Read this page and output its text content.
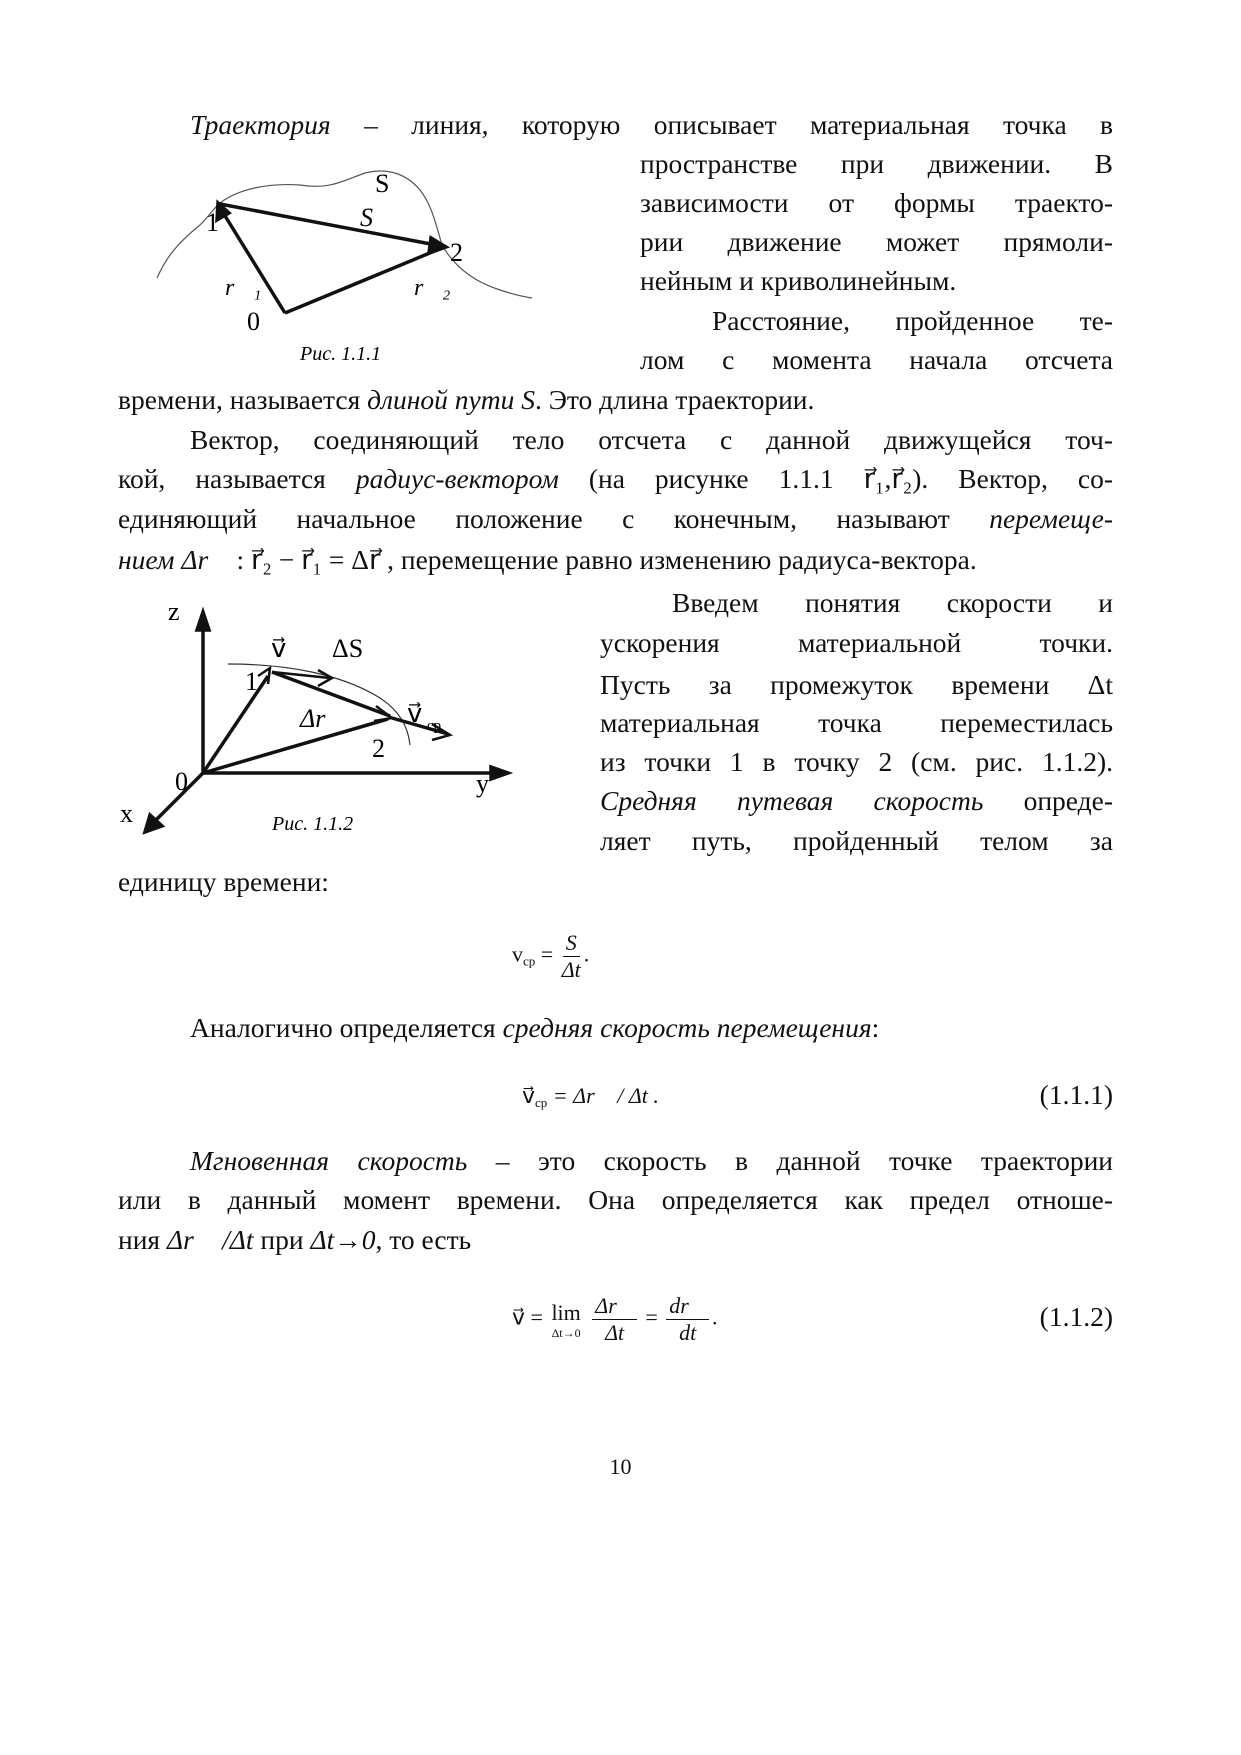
Траектория – линия, которую описывает материальная точка в
пространстве при движении. В
зависимости от формы траекто-
рии движение может прямоли-
нейным и криволинейным.
Расстояние, пройденное те-
лом с момента начала отсчета
времени, называется длиной пути S. Это длина траектории.
Вектор, соединяющий тело отсчета с данной движущейся точ-
кой, называется радиус-вектором (на рисунке 1.1.1 r⃗₁,r⃗₂). Вектор, со-
единяющий начальное положение с конечным, называют перемеще-
нием Δr⃗ : r⃗₂ − r⃗₁ = Δr⃗ , перемещение равно изменению радиуса-вектора.
Введем понятия скорости и
ускорения материальной точки.
Пусть за промежуток времени Δt
материальная точка переместилась
из точки 1 в точку 2 (см. рис. 1.1.2).
Средняя путевая скорость опреде-
ляет путь, пройденный телом за
единицу времени:
Аналогично определяется средняя скорость перемещения:
Мгновенная скорость – это скорость в данной точке траектории
или в данный момент времени. Она определяется как предел отноше-
ния Δr⃗ /Δt при Δt→0, то есть
S
S⃗
1
2
0
r⃗₁	r⃗₂
Рис. 1.1.1
z
v⃗ ΔS
1
Δr⃗ v⃗ ср
2
0	y
x	Рис. 1.1.2
$v_{ср} = \frac{S}{\Delta t}$ .
$v⃗_{ср}$ = Δr⃗ / Δt .	(1.1.1)
v⃗ = lim
Δt→0
$\frac{\Delta r⃗}{\Delta t} = \frac{dr⃗}{dt}$ .	(1.1.2)
10
